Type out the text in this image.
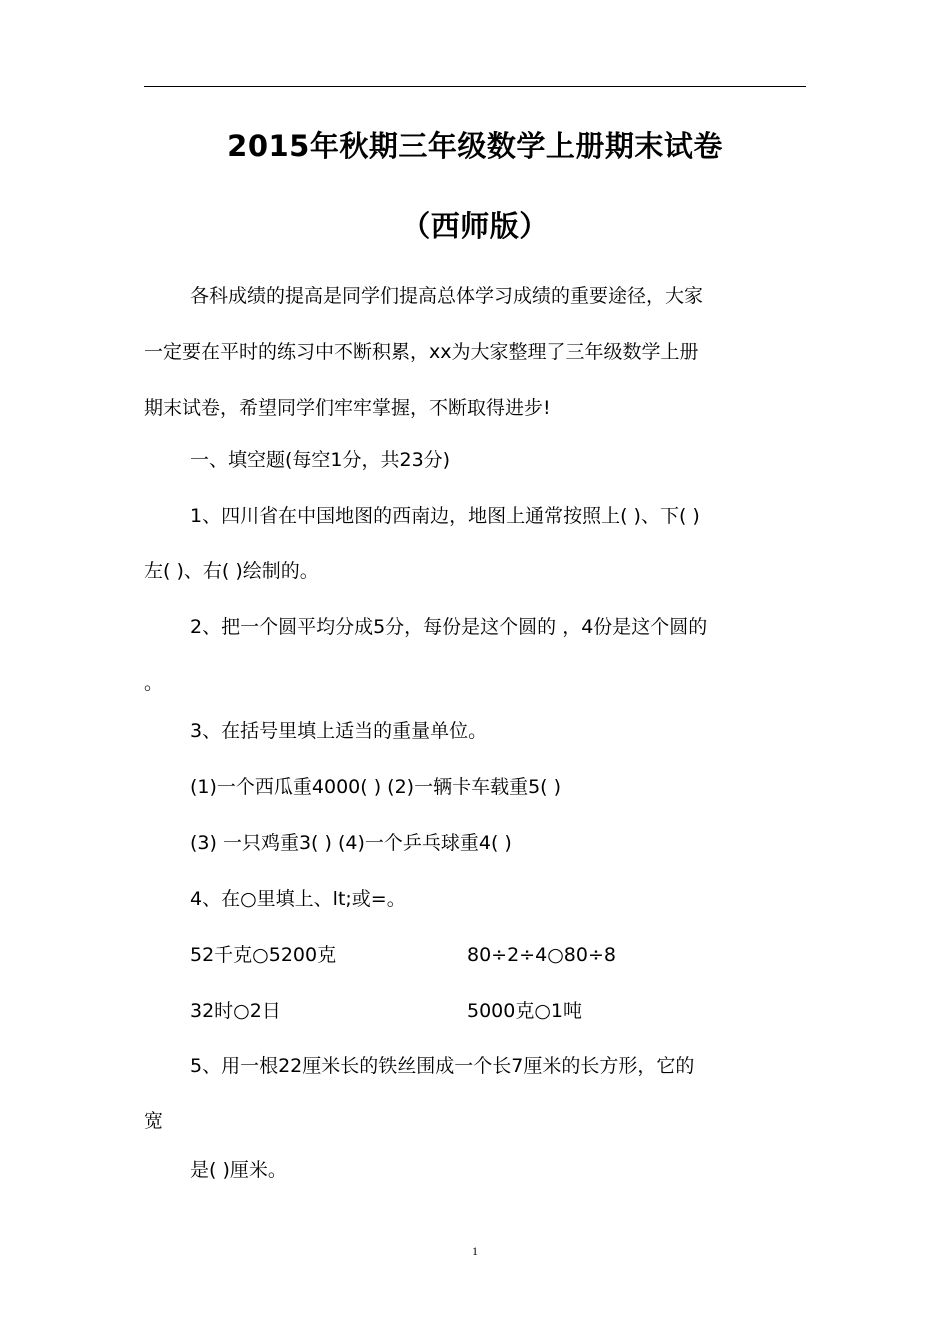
2015年秋期三年级数学上册期末试卷
（西师版）
各科成绩的提高是同学们提高总体学习成绩的重要途径，大家
一定要在平时的练习中不断积累，xx为大家整理了三年级数学上册
期末试卷，希望同学们牢牢掌握，不断取得进步!
一、填空题(每空1分，共23分)
1、四川省在中国地图的西南边，地图上通常按照上( )、下( )
左( )、右( )绘制的。
2、把一个圆平均分成5分，每份是这个圆的 ，4份是这个圆的
。
3、在括号里填上适当的重量单位。
(1)一个西瓜重4000( ) (2)一辆卡车载重5( )
(3) 一只鸡重3( ) (4)一个乒乓球重4( )
4、在○里填上、lt;或=。
52千克○5200克	80÷2÷4○80÷8
32时○2日	5000克○1吨
5、用一根22厘米长的铁丝围成一个长7厘米的长方形，它的
宽
是( )厘米。
1
